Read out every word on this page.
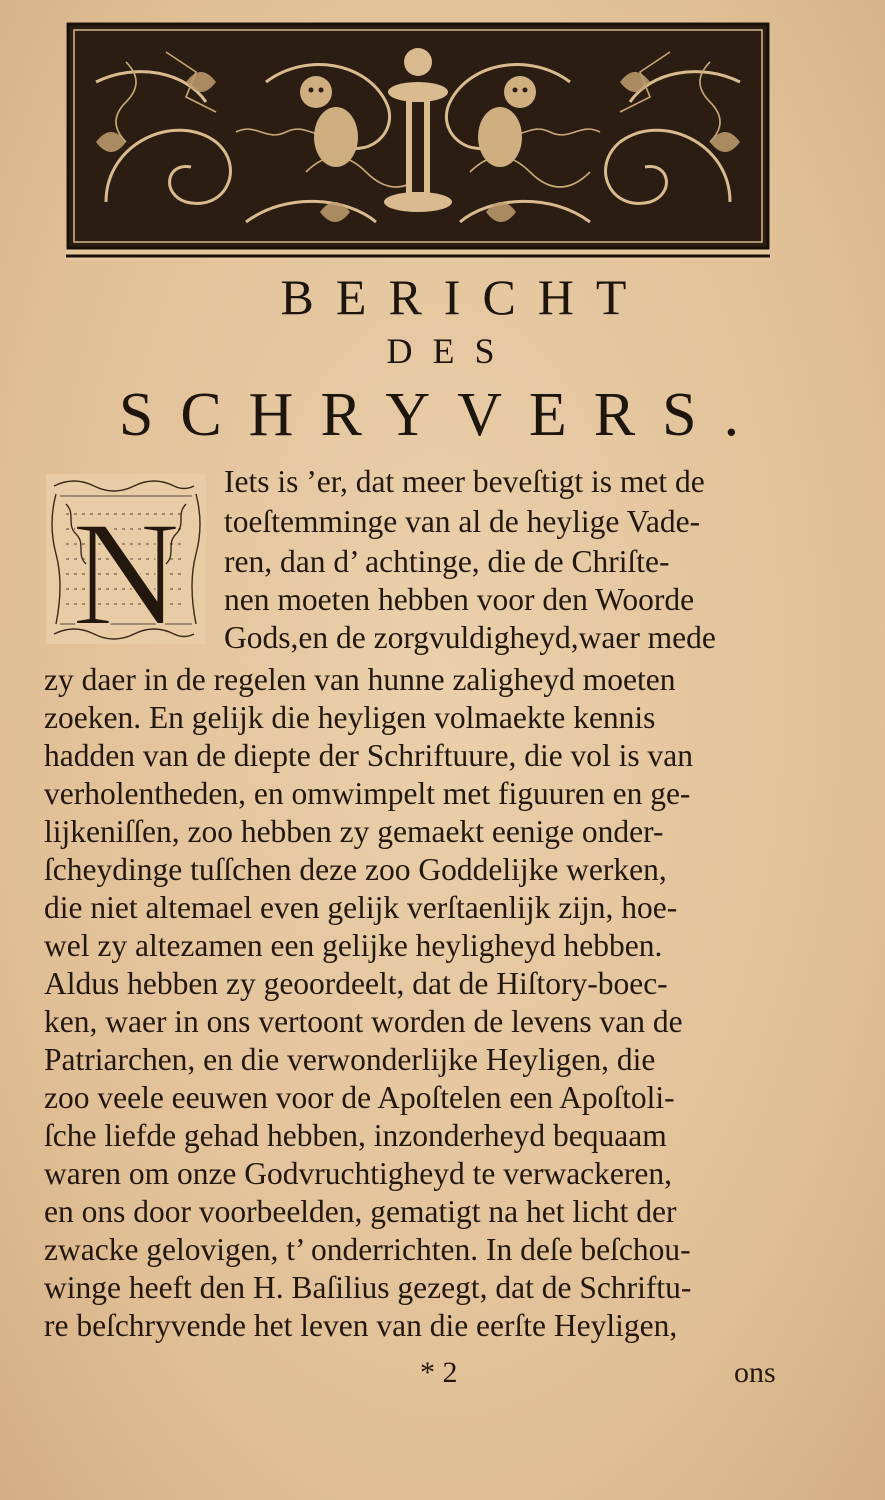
BERICHT
DES
SCHRYVERS.
N
Iets is ’er, dat meer beveſtigt is met de
toeſtemminge van al de heylige Vade-
ren, dan d’ achtinge, die de Chriſte-
nen moeten hebben voor den Woorde
Gods,en de zorgvuldigheyd,waer mede
zy daer in de regelen van hunne zaligheyd moeten
zoeken. En gelijk die heyligen volmaekte kennis
hadden van de diepte der Schriftuure, die vol is van
verholentheden, en omwimpelt met figuuren en ge-
lijkeniſſen, zoo hebben zy gemaekt eenige onder-
ſcheydinge tuſſchen deze zoo Goddelijke werken,
die niet altemael even gelijk verſtaenlijk zijn, hoe-
wel zy altezamen een gelijke heyligheyd hebben.
Aldus hebben zy geoordeelt, dat de Hiſtory-boec-
ken, waer in ons vertoont worden de levens van de
Patriarchen, en die verwonderlijke Heyligen, die
zoo veele eeuwen voor de Apoſtelen een Apoſtoli-
ſche liefde gehad hebben, inzonderheyd bequaam
waren om onze Godvruchtigheyd te verwackeren,
en ons door voorbeelden, gematigt na het licht der
zwacke gelovigen, t’ onderrichten. In deſe beſchou-
winge heeft den H. Baſilius gezegt, dat de Schriftu-
re beſchryvende het leven van die eerſte Heyligen,
* 2	ons
